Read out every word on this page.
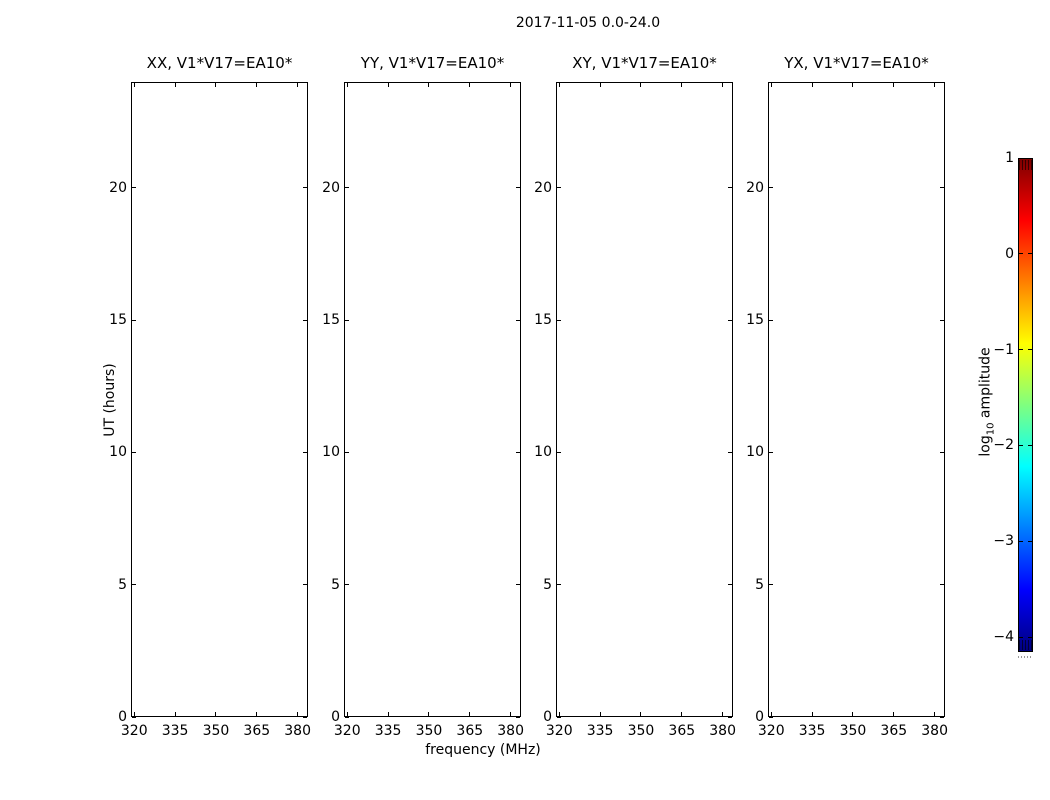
2017-11-05 0.0-24.0
XX, V1*V17=EA10*
320	335	350	365	380
0
5
10
15
20
YY, V1*V17=EA10*
320	335	350	365	380
0
5
10
15
20
XY, V1*V17=EA10*
320	335	350	365	380
0
5
10
15
20
YX, V1*V17=EA10*
320	335	350	365	380
0
5
10
15
20
UT (hours)
frequency (MHz)
1
0
−1
−2
−3
−4
$\log_{10}$ amplitude
